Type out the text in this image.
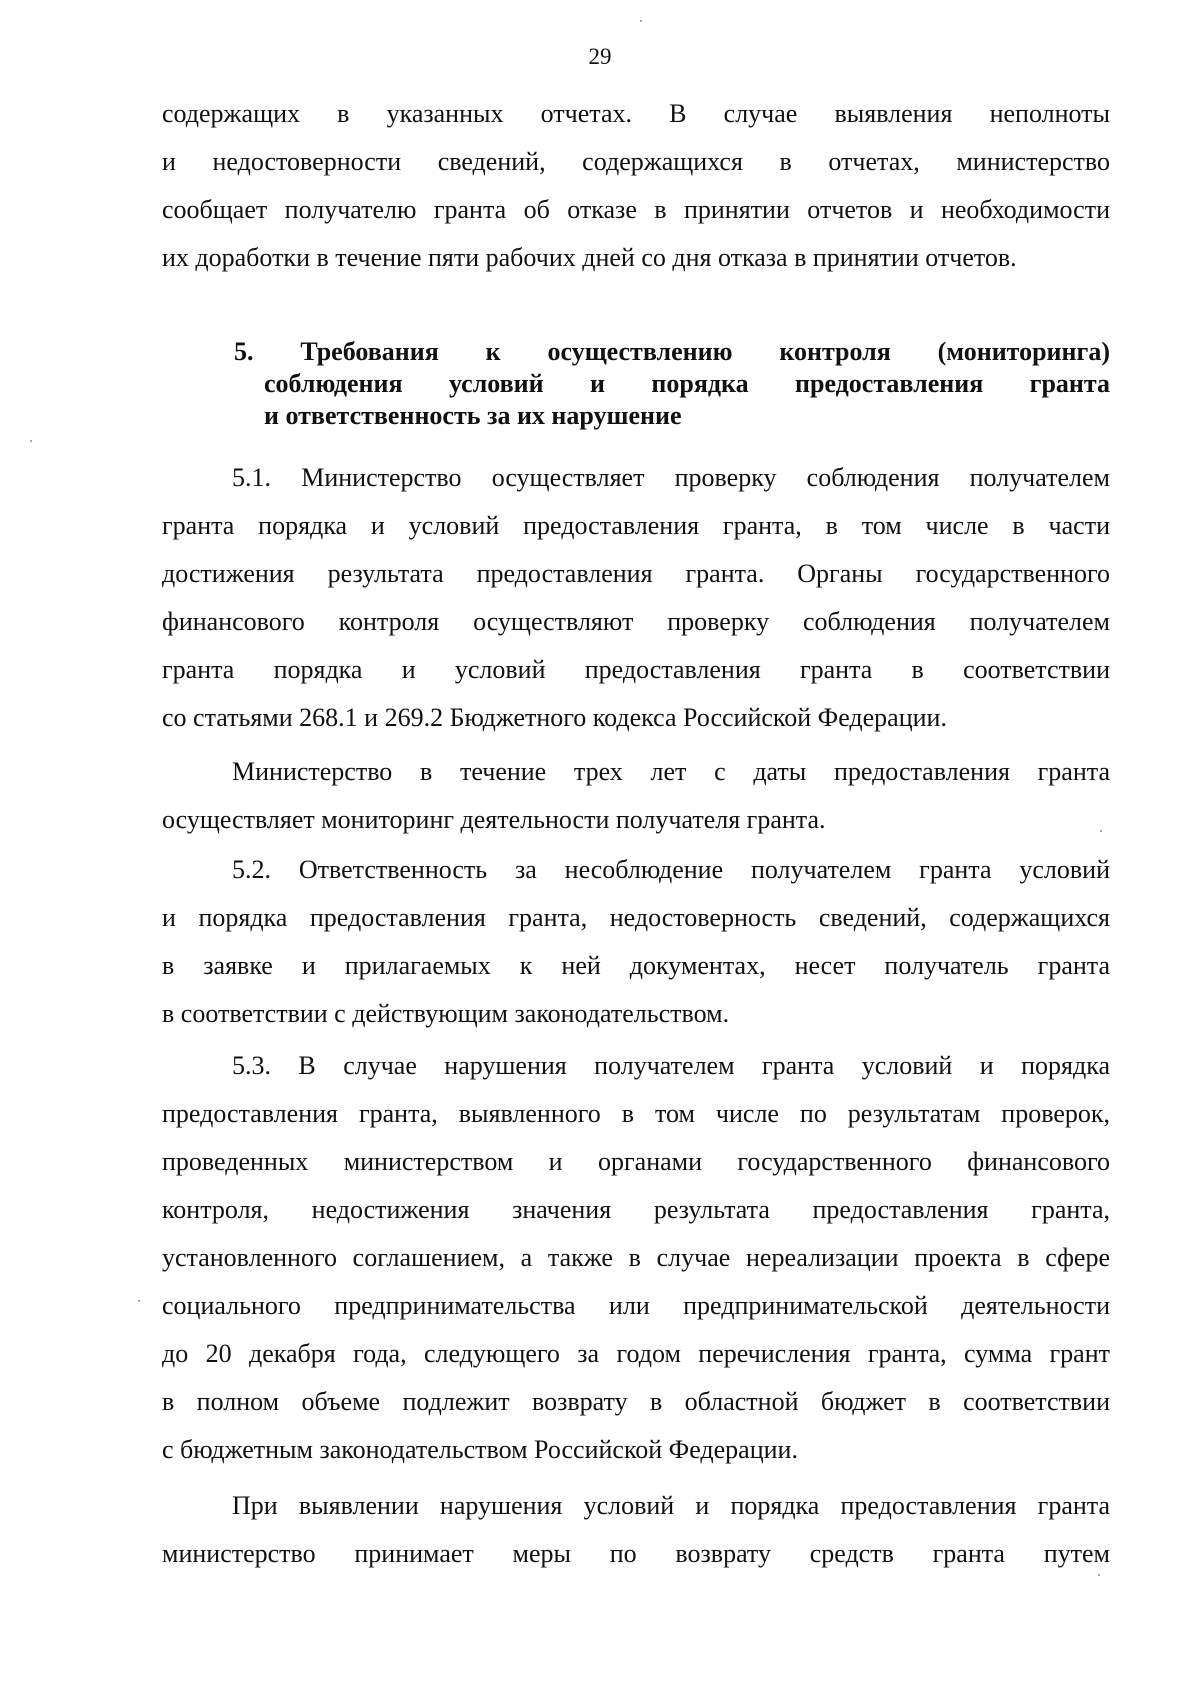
29
содержащих в указанных отчетах. В случае выявления неполноты
и недостоверности сведений, содержащихся в отчетах, министерство
сообщает получателю гранта об отказе в принятии отчетов и необходимости
их доработки в течение пяти рабочих дней со дня отказа в принятии отчетов.
5. Требования к осуществлению контроля (мониторинга)
соблюдения условий и порядка предоставления гранта
и ответственность за их нарушение
5.1. Министерство осуществляет проверку соблюдения получателем
гранта порядка и условий предоставления гранта, в том числе в части
достижения результата предоставления гранта. Органы государственного
финансового контроля осуществляют проверку соблюдения получателем
гранта порядка и условий предоставления гранта в соответствии
со статьями 268.1 и 269.2 Бюджетного кодекса Российской Федерации.
Министерство в течение трех лет с даты предоставления гранта
осуществляет мониторинг деятельности получателя гранта.
5.2. Ответственность за несоблюдение получателем гранта условий
и порядка предоставления гранта, недостоверность сведений, содержащихся
в заявке и прилагаемых к ней документах, несет получатель гранта
в соответствии с действующим законодательством.
5.3. В случае нарушения получателем гранта условий и порядка
предоставления гранта, выявленного в том числе по результатам проверок,
проведенных министерством и органами государственного финансового
контроля, недостижения значения результата предоставления гранта,
установленного соглашением, а также в случае нереализации проекта в сфере
социального предпринимательства или предпринимательской деятельности
до 20 декабря года, следующего за годом перечисления гранта, сумма грант
в полном объеме подлежит возврату в областной бюджет в соответствии
с бюджетным законодательством Российской Федерации.
При выявлении нарушения условий и порядка предоставления гранта
министерство принимает меры по возврату средств гранта путем
